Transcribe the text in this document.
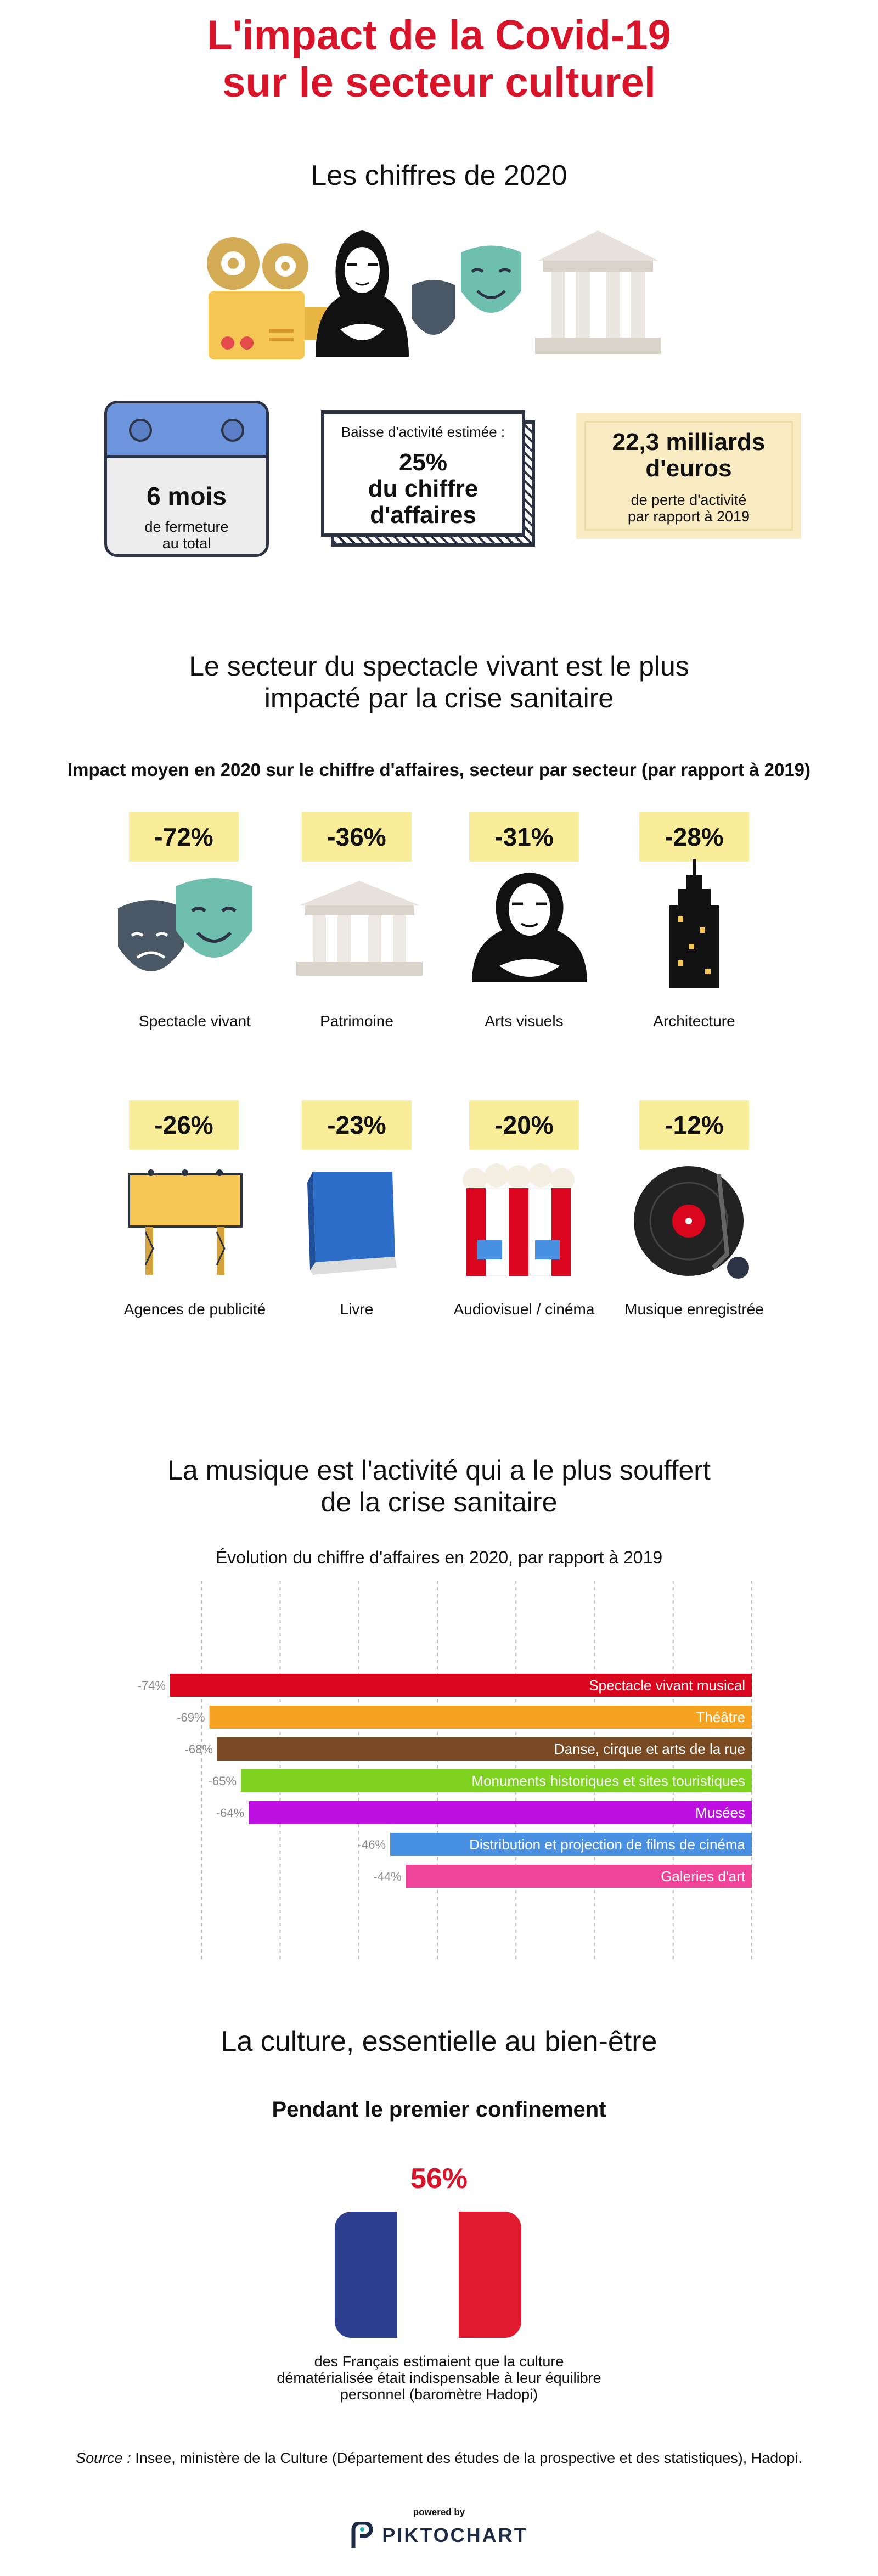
L'impact de la Covid-19
sur le secteur culturel
Les chiffres de 2020
6 mois
de fermeture
au total
Baisse d'activité estimée :
25%
du chiffre
d'affaires
22,3 milliards
d'euros
de perte d'activité
par rapport à 2019
Le secteur du spectacle vivant est le plus
impacté par la crise sanitaire
Impact moyen en 2020 sur le chiffre d'affaires, secteur par secteur (par rapport à 2019)
-72%	-36%	-31%	-28%
Spectacle vivant	Patrimoine	Arts visuels	Architecture
-26%	-23%	-20%	-12%
Agences de publicité	Livre	Audiovisuel / cinéma	Musique enregistrée
La musique est l'activité qui a le plus souffert
de la crise sanitaire
Évolution du chiffre d'affaires en 2020, par rapport à 2019
Spectacle vivant musical
-74%
Théâtre
-69%
Danse, cirque et arts de la rue
-68%
Monuments historiques et sites touristiques
-65%
Musées
-64%
Distribution et projection de films de cinéma
-46%
Galeries d'art
-44%
La culture, essentielle au bien-être
Pendant le premier confinement
56%
des Français estimaient que la culture
dématérialisée était indispensable à leur équilibre
personnel (baromètre Hadopi)
Source : Insee, ministère de la Culture (Département des études de la prospective et des statistiques), Hadopi.
powered by
PIKTOCHART
